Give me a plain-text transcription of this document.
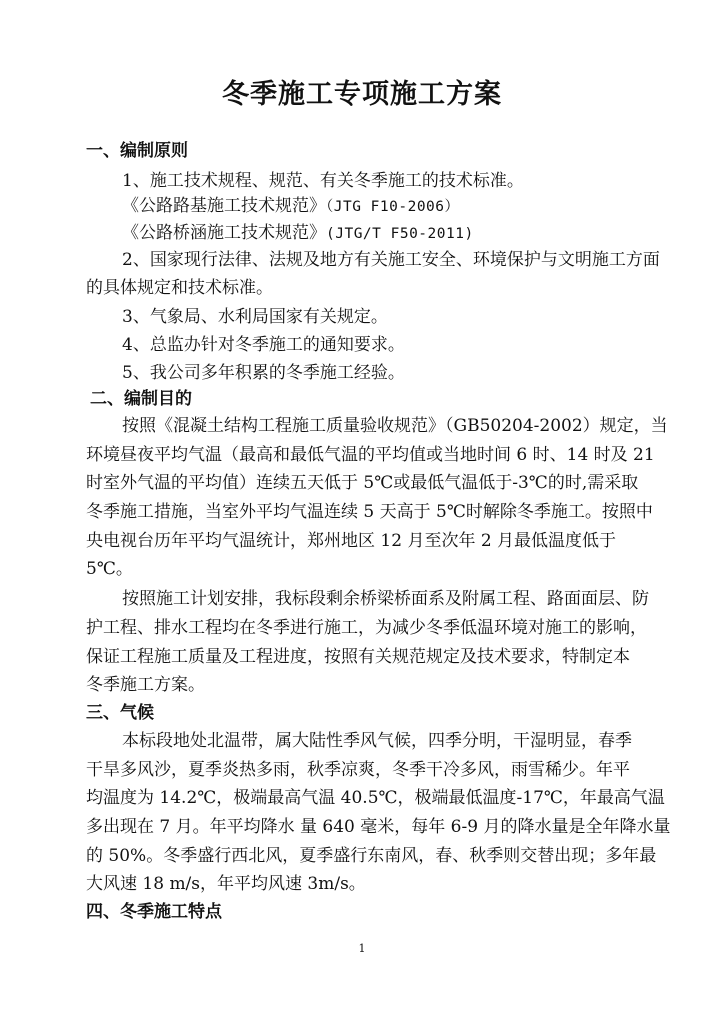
冬季施工专项施工方案
一、编制原则
1、施工技术规程、规范、有关冬季施工的技术标准。
《公路路基施工技术规范》（JTG F10-2006）
《公路桥涵施工技术规范》(JTG/T F50-2011)
2、国家现行法律、法规及地方有关施工安全、环境保护与文明施工方面
的具体规定和技术标准。
3、气象局、水利局国家有关规定。
4、总监办针对冬季施工的通知要求。
5、我公司多年积累的冬季施工经验。
二、编制目的
按照《混凝土结构工程施工质量验收规范》（GB50204-2002）规定，当
环境昼夜平均气温（最高和最低气温的平均值或当地时间 6 时、14 时及 21
时室外气温的平均值）连续五天低于 5℃或最低气温低于-3℃的时,需采取
冬季施工措施，当室外平均气温连续 5 天高于 5℃时解除冬季施工。按照中
央电视台历年平均气温统计，郑州地区 12 月至次年 2 月最低温度低于
5℃。
按照施工计划安排，我标段剩余桥梁桥面系及附属工程、路面面层、防
护工程、排水工程均在冬季进行施工，为减少冬季低温环境对施工的影响，
保证工程施工质量及工程进度，按照有关规范规定及技术要求，特制定本
冬季施工方案。
三、气候
本标段地处北温带，属大陆性季风气候，四季分明，干湿明显，春季
干旱多风沙，夏季炎热多雨，秋季凉爽，冬季干冷多风，雨雪稀少。年平
均温度为 14.2℃，极端最高气温 40.5℃，极端最低温度-17℃，年最高气温
多出现在 7 月。年平均降水 量 640 毫米，每年 6-9 月的降水量是全年降水量
的 50%。冬季盛行西北风，夏季盛行东南风，春、秋季则交替出现；多年最
大风速 18 m/s，年平均风速 3m/s。
四、冬季施工特点
1
